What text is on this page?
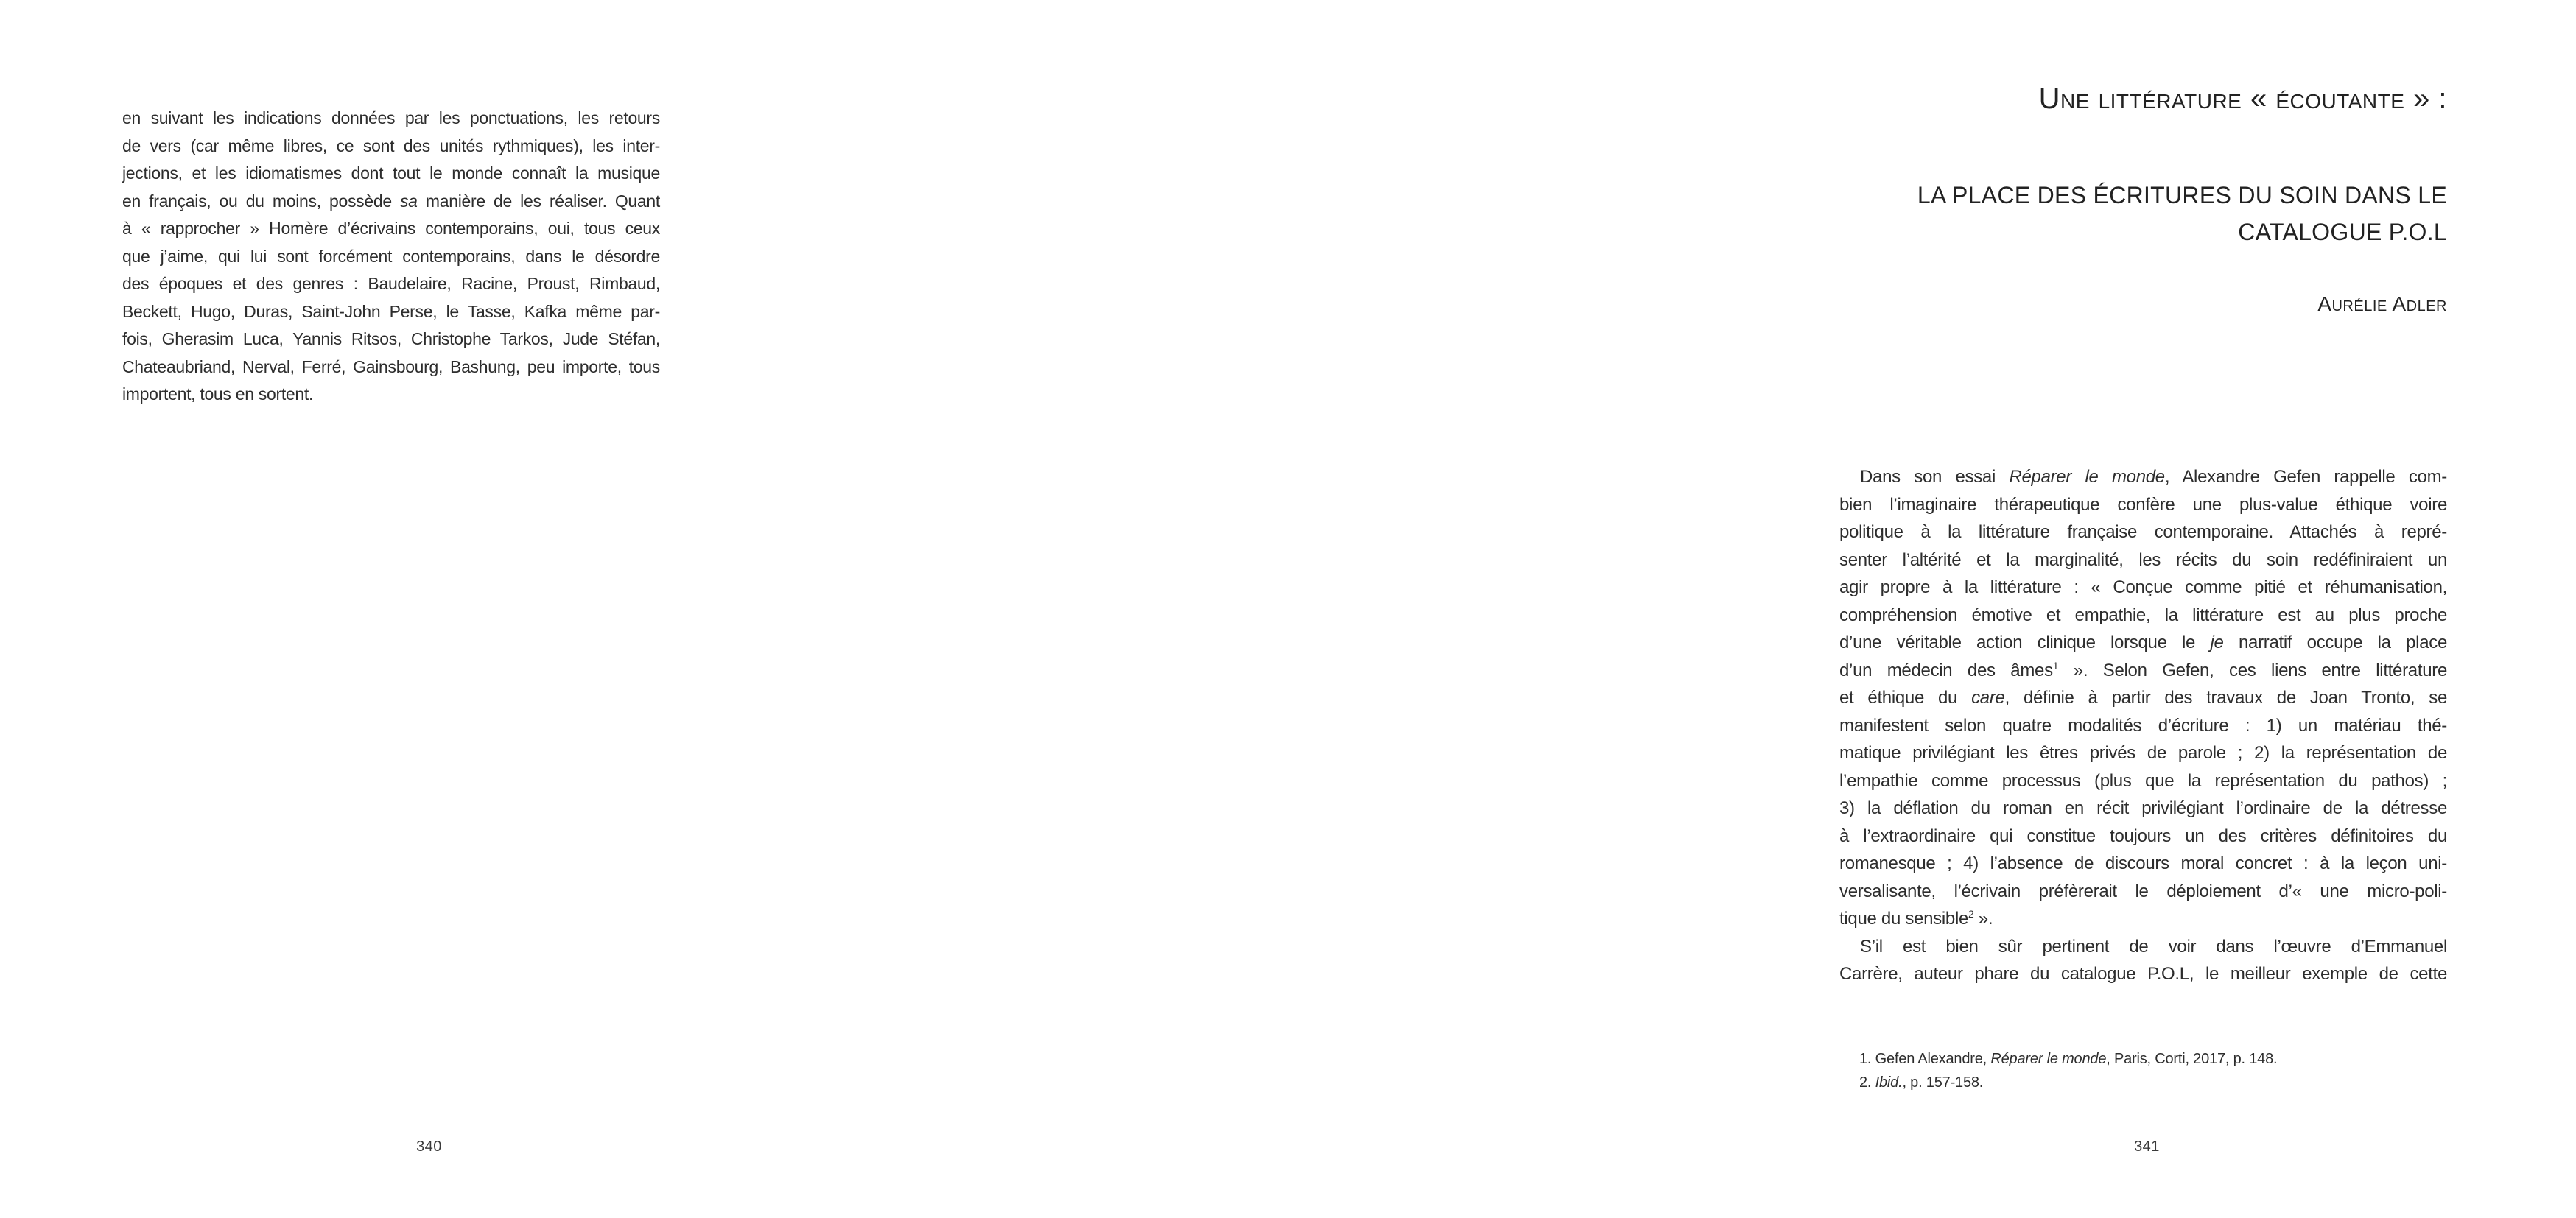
en suivant les indications données par les ponctuations, les retours
de vers (car même libres, ce sont des unités rythmiques), les inter-
jections, et les idiomatismes dont tout le monde connaît la musique
en français, ou du moins, possède sa manière de les réaliser. Quant
à « rapprocher » Homère d’écrivains contemporains, oui, tous ceux
que j’aime, qui lui sont forcément contemporains, dans le désordre
des époques et des genres : Baudelaire, Racine, Proust, Rimbaud,
Beckett, Hugo, Duras, Saint-John Perse, le Tasse, Kafka même par-
fois, Gherasim Luca, Yannis Ritsos, Christophe Tarkos, Jude Stéfan,
Chateaubriand, Nerval, Ferré, Gainsbourg, Bashung, peu importe, tous
importent, tous en sortent.
340
Une littérature « écoutante » :
LA PLACE DES ÉCRITURES DU SOIN DANS LE
CATALOGUE P.O.L
Aurélie Adler
Dans son essai Réparer le monde, Alexandre Gefen rappelle com-
bien l’imaginaire thérapeutique confère une plus-value éthique voire
politique à la littérature française contemporaine. Attachés à repré-
senter l’altérité et la marginalité, les récits du soin redéfiniraient un
agir propre à la littérature : « Conçue comme pitié et réhumanisation,
compréhension émotive et empathie, la littérature est au plus proche
d’une véritable action clinique lorsque le je narratif occupe la place
d’un médecin des âmes$^1$ ». Selon Gefen, ces liens entre littérature
et éthique du care, définie à partir des travaux de Joan Tronto, se
manifestent selon quatre modalités d’écriture : 1) un matériau thé-
matique privilégiant les êtres privés de parole ; 2) la représentation de
l’empathie comme processus (plus que la représentation du pathos) ;
3) la déflation du roman en récit privilégiant l’ordinaire de la détresse
à l’extraordinaire qui constitue toujours un des critères définitoires du
romanesque ; 4) l’absence de discours moral concret : à la leçon uni-
versalisante, l’écrivain préfèrerait le déploiement d’« une micro-poli-
tique du sensible$^2$ ».
S’il est bien sûr pertinent de voir dans l’œuvre d’Emmanuel
Carrère, auteur phare du catalogue P.O.L, le meilleur exemple de cette
1. Gefen Alexandre, Réparer le monde, Paris, Corti, 2017, p. 148.
2. Ibid., p. 157-158.
341
